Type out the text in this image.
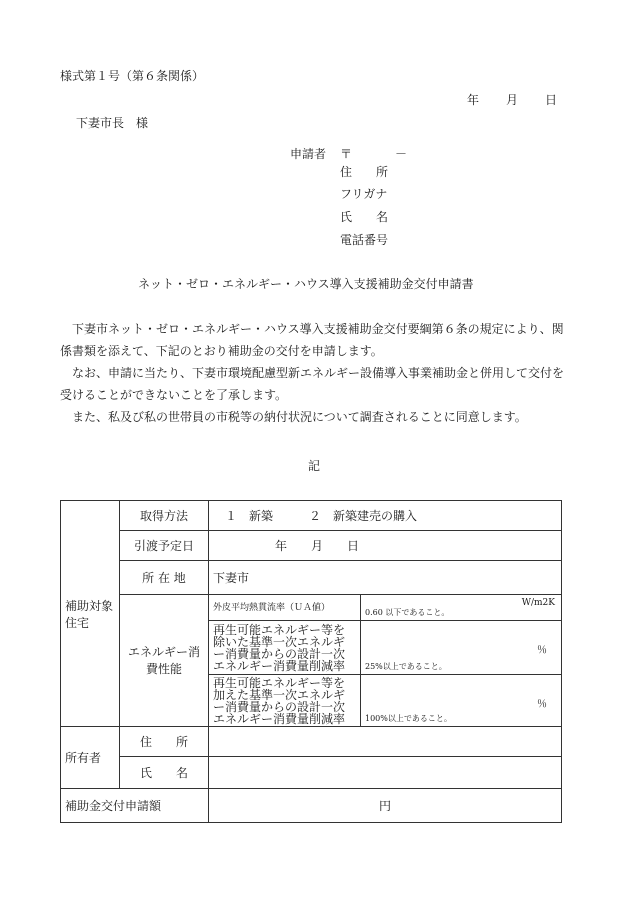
様式第１号（第６条関係）
年 月 日
下妻市長　様
申請者 〒	－
住　　所
フリガナ
氏　　名
電話番号
ネット・ゼロ・エネルギー・ハウス導入支援補助金交付申請書

下妻市ネット・ゼロ・エネルギー・ハウス導入支援補助金交付要綱第６条の規定により、関係書類を添えて、下記のとおり補助金の交付を申請します。

なお、申請に当たり、下妻市環境配慮型新エネルギー設備導入事業補助金と併用して交付を受けることができないことを了承します。

また、私及び私の世帯員の市税等の納付状況について調査されることに同意します。

記
補助対象住宅	取得方法	１　新築　　　２　新築建売の購入	
	引渡予定日	年　　月　　日	
	所 在 地	下妻市	
	エネルギー消費性能	外皮平均熱貫流率（ＵＡ値）	W/m2K
0.60 以下であること。

		再生可能エネルギー等を除いた基準一次エネルギー消費量からの設計一次エネルギー消費量削減率	％
25%以上であること。

		再生可能エネルギー等を加えた基準一次エネルギー消費量からの設計一次エネルギー消費量削減率	％
100%以上であること。

所有者	住　　所		
	氏　　名		
補助金交付申請額		円	
